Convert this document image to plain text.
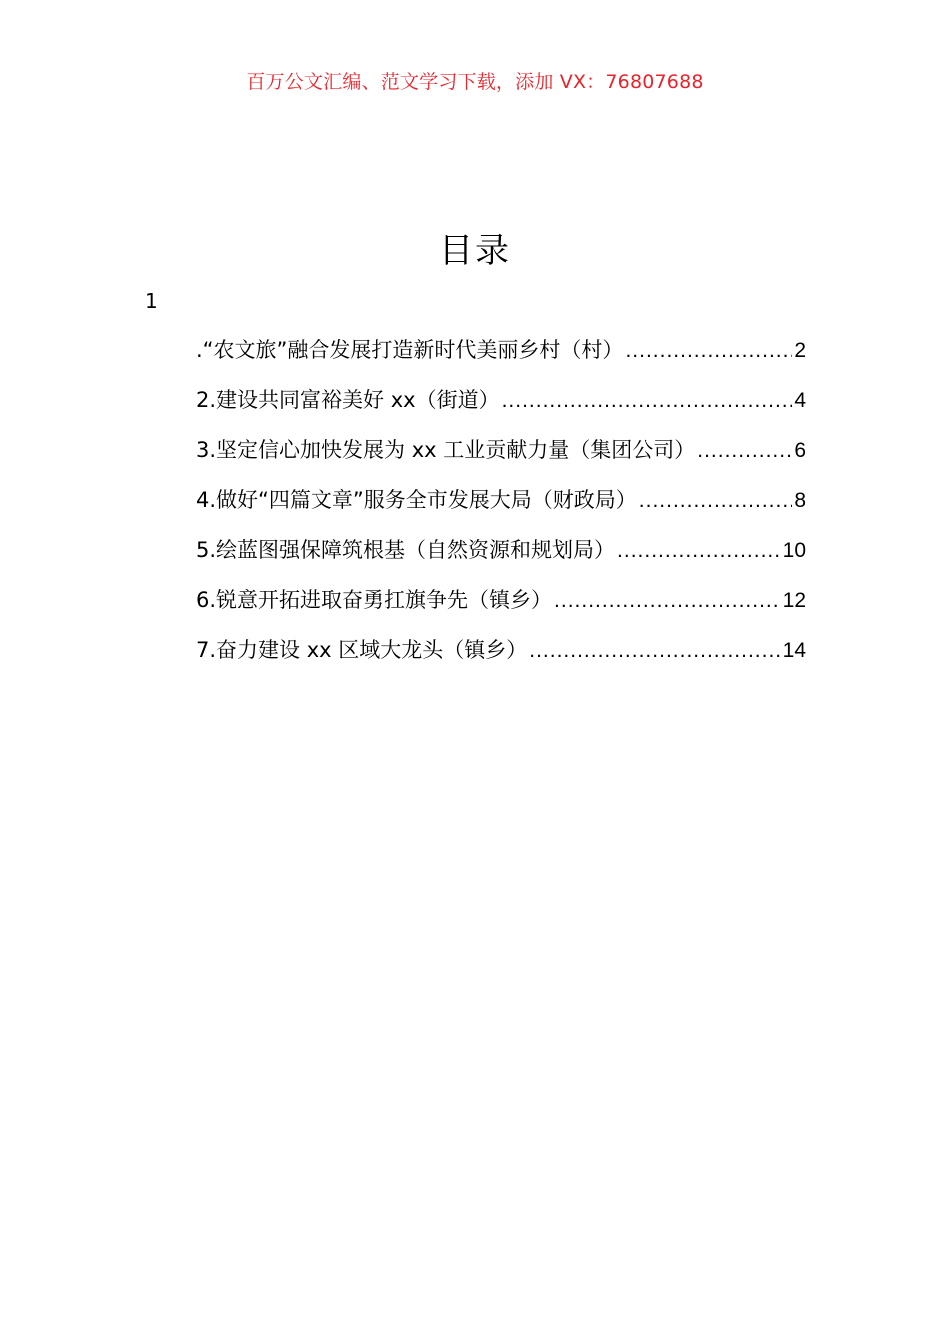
百万公文汇编、范文学习下载，添加 VX：76807688
目录
1
.“农文旅”融合发展打造新时代美丽乡村（村） .....	2
2.建设共同富裕美好 xx（街道） .....	4
3.坚定信心加快发展为 xx 工业贡献力量（集团公司） .....	6
4.做好“四篇文章”服务全市发展大局（财政局） .....	8
5.绘蓝图强保障筑根基（自然资源和规划局） .....	10
6.锐意开拓进取奋勇扛旗争先（镇乡） .....	12
7.奋力建设 xx 区域大龙头（镇乡） .....	14
